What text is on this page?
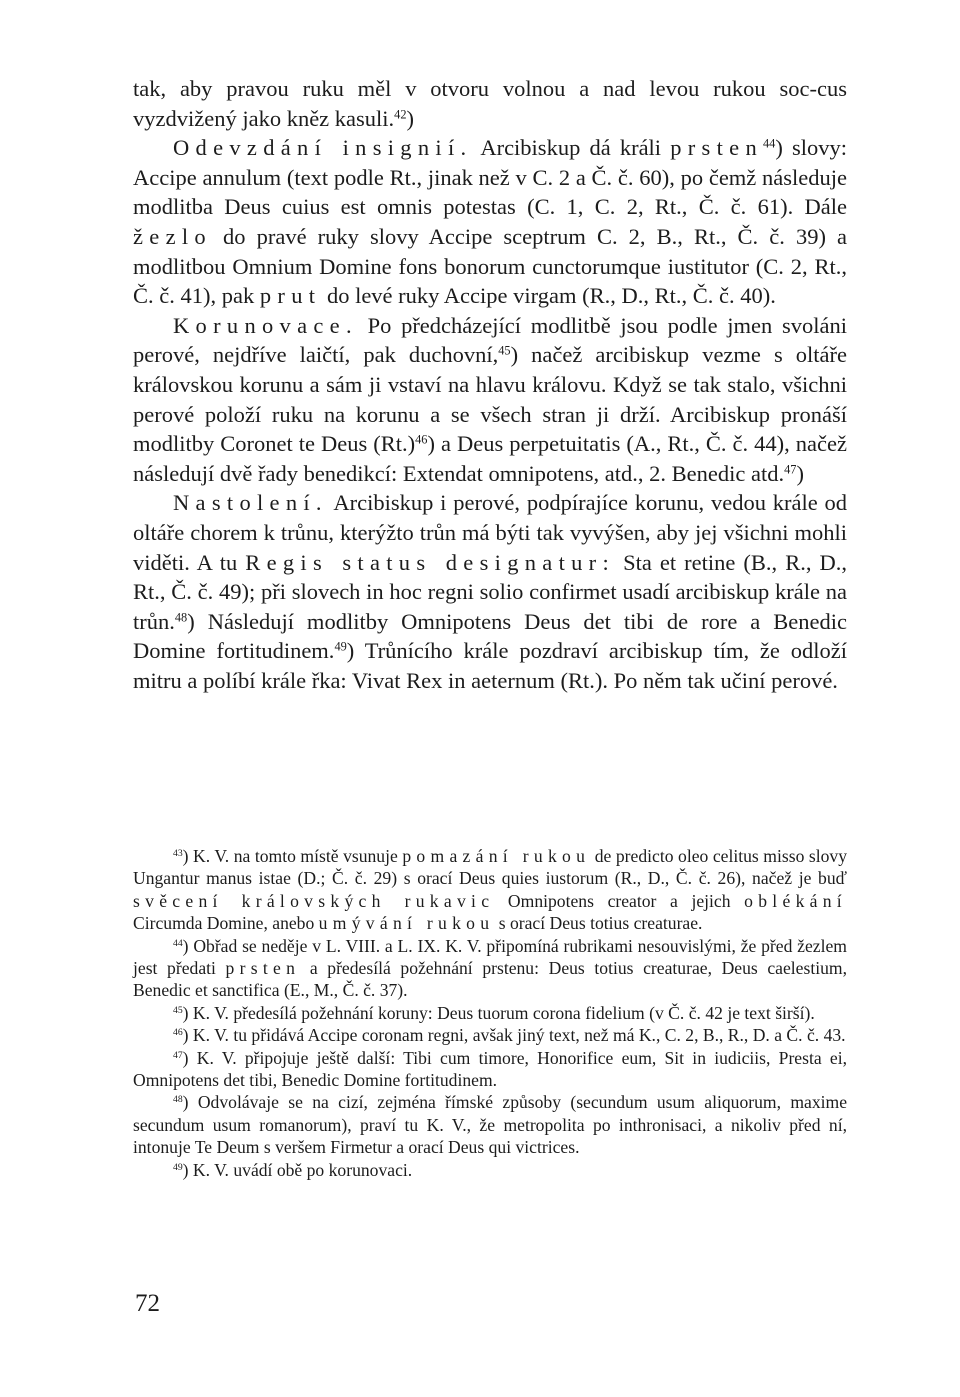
tak, aby pravou ruku měl v otvoru volnou a nad levou rukou soc-cus vyzdvižený jako kněz kasuli.$^{42}$)

Odevzdání insignií. Arcibiskup dá králi prsten$^{44}$) slovy: Accipe annulum (text podle Rt., jinak než v C. 2 a Č. č. 60), po čemž následuje modlitba Deus cuius est omnis potestas (C. 1, C. 2, Rt., Č. č. 61). Dále žezlo do pravé ruky slovy Accipe sceptrum C. 2, B., Rt., Č. č. 39) a modlitbou Omnium Domine fons bonorum cunctorumque iustitutor (C. 2, Rt., Č. č. 41), pak prut do levé ruky Accipe virgam (R., D., Rt., Č. č. 40).

Korunovace. Po předcházející modlitbě jsou podle jmen svoláni perové, nejdříve laičtí, pak duchovní,$^{45}$) načež arcibiskup vezme s oltáře královskou korunu a sám ji vstaví na hlavu královu. Když se tak stalo, všichni perové položí ruku na korunu a se všech stran ji drží. Arcibiskup pronáší modlitby Coronet te Deus $(Rt.)^{46}$) a Deus perpetuitatis (A., Rt., Č. č. 44), načež následují dvě řady benedikcí: Extendat omnipotens, atd., 2. Benedic atd.$^{47}$)

Nastolení. Arcibiskup i perové, podpírajíce korunu, vedou krále od oltáře chorem k trůnu, kterýžto trůn má býti tak vyvýšen, aby jej všichni mohli viděti. A tu Regis status designatur: Sta et retine (B., R., D., Rt., Č. č. 49); při slovech in hoc regni solio confirmet usadí arcibiskup krále na trůn.$^{48}$) Následují modlitby Omnipotens Deus det tibi de rore a Benedic Domine fortitudinem.$^{49}$) Trůnícího krále pozdraví arcibiskup tím, že odloží mitru a políbí krále řka: Vivat Rex in aeternum (Rt.). Po něm tak učiní perové.

$^{43}$) K. V. na tomto místě vsunuje pomazání rukou de predicto oleo celitus misso slovy Ungantur manus istae (D.; Č. č. 29) s orací Deus quies iustorum (R., D., Č. č. 26), načež je buď svěcení královských rukavic Omnipotens creator a jejich oblékání Circumda Domine, anebo umývání rukou s orací Deus totius creaturae.

$^{44}$) Obřad se neděje v L. VIII. a L. IX. K. V. připomíná rubrikami nesouvislými, že před žezlem jest předati prsten a předesílá požehnání prstenu: Deus totius creaturae, Deus caelestium, Benedic et sanctifica (E., M., Č. č. 37).

$^{45}$) K. V. předesílá požehnání koruny: Deus tuorum corona fidelium (v Č. č. 42 je text širší).

$^{46}$) K. V. tu přidává Accipe coronam regni, avšak jiný text, než má K., C. 2, B., R., D. a Č. č. 43.

$^{47}$) K. V. připojuje ještě další: Tibi cum timore, Honorifice eum, Sit in iudiciis, Presta ei, Omnipotens det tibi, Benedic Domine fortitudinem.

$^{48}$) Odvolávaje se na cizí, zejména římské způsoby (secundum usum aliquorum, maxime secundum usum romanorum), praví tu K. V., že metropolita po inthronisaci, a nikoliv před ní, intonuje Te Deum s veršem Firmetur a orací Deus qui victrices.

$^{49}$) K. V. uvádí obě po korunovaci.

72
